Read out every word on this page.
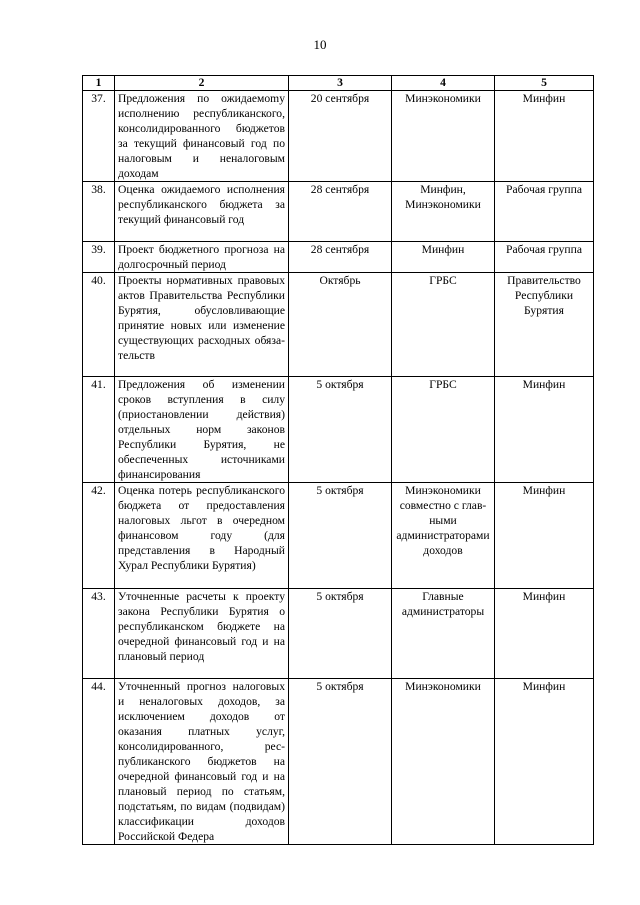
10
1	2	3	4	5
37.	Предложения по ожидаемоmу исполнению республиканского, консолидированного бюджетов за текущий финансовый год по налоговым и неналоговым доходам	20 сентября	Минэкономики	Минфин
38.	Оценка ожидаемого исполнения республиканского бюджета за текущий финансовый год	28 сентября	Минфин, Минэкономики	Рабочая группа
39.	Проект бюджетного прогноза на долгосрочный период	28 сентября	Минфин	Рабочая группа
40.	Проекты нормативных правовых актов Правительства Республики Бурятия, обусловливающие принятие новых или изменение существующих расходных обязательств	Октябрь	ГРБС	Правительство Республики Бурятия
41.	Предложения об изменении сроков вступления в силу (приостановлении действия) отдельных норм законов Республики Бурятия, не обеспеченных источниками финансирования	5 октября	ГРБС	Минфин
42.	Оценка потерь республиканского бюджета от предоставления налоговых льгот в очередном финансовом году (для представления в Народный Хурал Республики Бурятия)	5 октября	Минэкономики совместно с главными администраторами доходов	Минфин
43.	Уточненные расчеты к проекту закона Республики Бурятия о республиканском бюджете на очередной финансовый год и на плановый период	5 октября	Главные администраторы	Минфин
44.	Уточненный прогноз налоговых и неналоговых доходов, за исключением доходов от оказания платных услуг, консолидированного, республиканского бюджетов на очередной финансовый год и на плановый период по статьям, подстатьям, по видам (подвидам) классификации доходов Российской Федера	5 октября	Минэкономики	Минфин
